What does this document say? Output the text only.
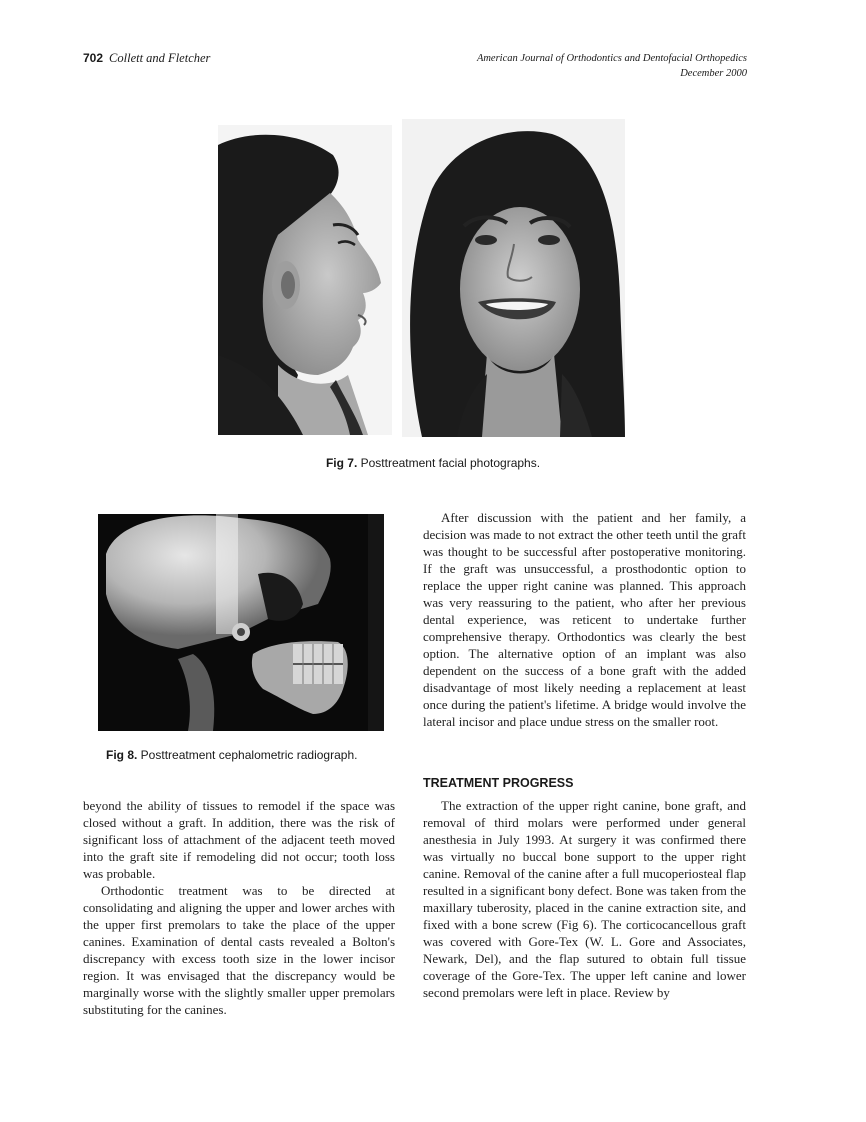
702 Collett and Fletcher	American Journal of Orthodontics and Dentofacial Orthopedics
December 2000
Fig 7. Posttreatment facial photographs.
Fig 8. Posttreatment cephalometric radiograph.

After discussion with the patient and her family, a decision was made to not extract the other teeth until the graft was thought to be successful after postoperative monitoring. If the graft was unsuccessful, a prosthodontic option to replace the upper right canine was planned. This approach was very reassuring to the patient, who after her previous dental experience, was reticent to undertake further comprehensive therapy. Orthodontics was clearly the best option. The alternative option of an implant was also dependent on the success of a bone graft with the added disadvantage of most likely needing a replacement at least once during the patient's lifetime. A bridge would involve the lateral incisor and place undue stress on the smaller root.

TREATMENT PROGRESS

The extraction of the upper right canine, bone graft, and removal of third molars were performed under general anesthesia in July 1993. At surgery it was confirmed there was virtually no buccal bone support to the upper right canine. Removal of the canine after a full mucoperiosteal flap resulted in a significant bony defect. Bone was taken from the maxillary tuberosity, placed in the canine extraction site, and fixed with a bone screw (Fig 6). The corticocancellous graft was covered with Gore-Tex (W. L. Gore and Associates, Newark, Del), and the flap sutured to obtain full tissue coverage of the Gore-Tex. The upper left canine and lower second premolars were left in place. Review by

beyond the ability of tissues to remodel if the space was closed without a graft. In addition, there was the risk of significant loss of attachment of the adjacent teeth moved into the graft site if remodeling did not occur; tooth loss was probable.

Orthodontic treatment was to be directed at consolidating and aligning the upper and lower arches with the upper first premolars to take the place of the upper canines. Examination of dental casts revealed a Bolton's discrepancy with excess tooth size in the lower incisor region. It was envisaged that the discrepancy would be marginally worse with the slightly smaller upper premolars substituting for the canines.
